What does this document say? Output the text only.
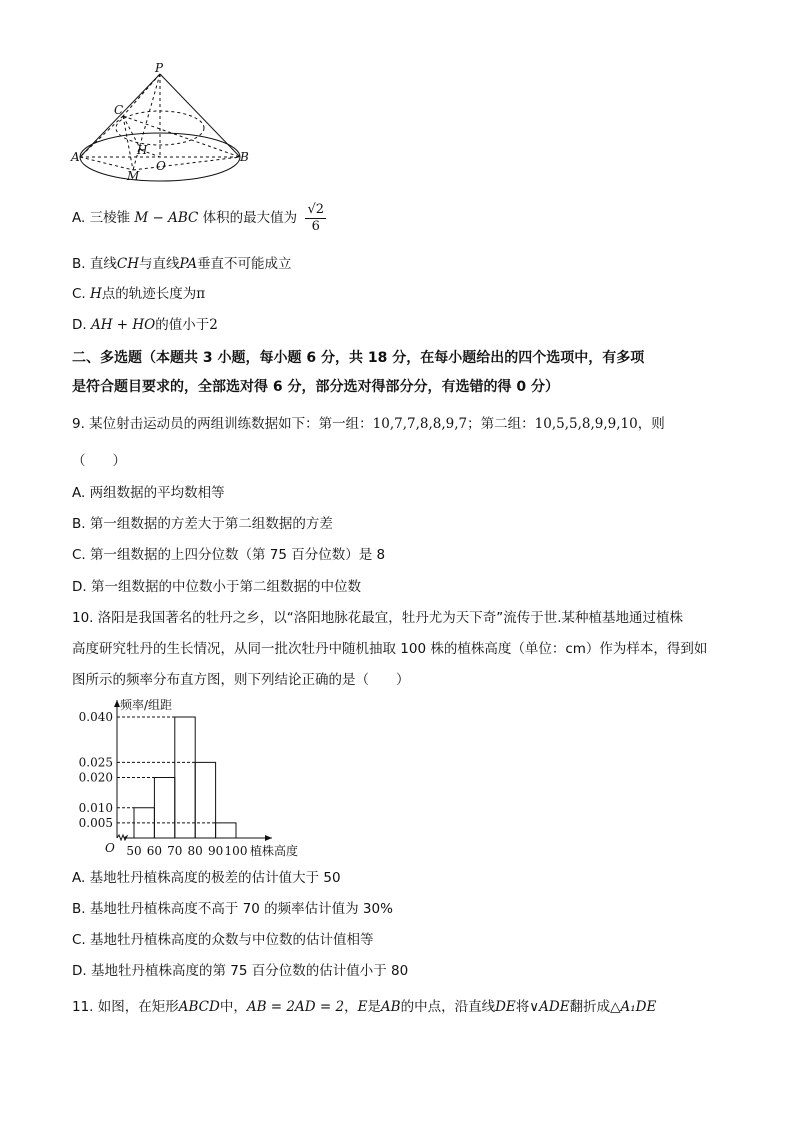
P
C
A	H
O
B
M
A. 三棱锥 M − ABC 体积的最大值为 $\frac{√2}{6}$
B. 直线CH与直线PA垂直不可能成立
C. H点的轨迹长度为π
D. AH + HO的值小于2
二、多选题（本题共 3 小题，每小题 6 分，共 18 分，在每小题给出的四个选项中，有多项
是符合题目要求的，全部选对得 6 分，部分选对得部分分，有选错的得 0 分）
9. 某位射击运动员的两组训练数据如下：第一组：10,7,7,8,8,9,7；第二组：10,5,5,8,9,9,10，则
（　　）
A. 两组数据的平均数相等
B. 第一组数据的方差大于第二组数据的方差
C. 第一组数据的上四分位数（第 75 百分位数）是 8
D. 第一组数据的中位数小于第二组数据的中位数
10. 洛阳是我国著名的牡丹之乡，以“洛阳地脉花最宜，牡丹尤为天下奇”流传于世.某种植基地通过植株
高度研究牡丹的生长情况，从同一批次牡丹中随机抽取 100 株的植株高度（单位：cm）作为样本，得到如
图所示的频率分布直方图，则下列结论正确的是（　　）
0.040
0.025
0.020
0.010
0.005
50 60 70 80 90 100
频率/组距
植株高度
O
A. 基地牡丹植株高度的极差的估计值大于 50
B. 基地牡丹植株高度不高于 70 的频率估计值为 30%
C. 基地牡丹植株高度的众数与中位数的估计值相等
D. 基地牡丹植株高度的第 75 百分位数的估计值小于 80
11. 如图，在矩形ABCD中，AB = 2AD = 2，E是AB的中点，沿直线DE将∨ADE翻折成△A₁DE
